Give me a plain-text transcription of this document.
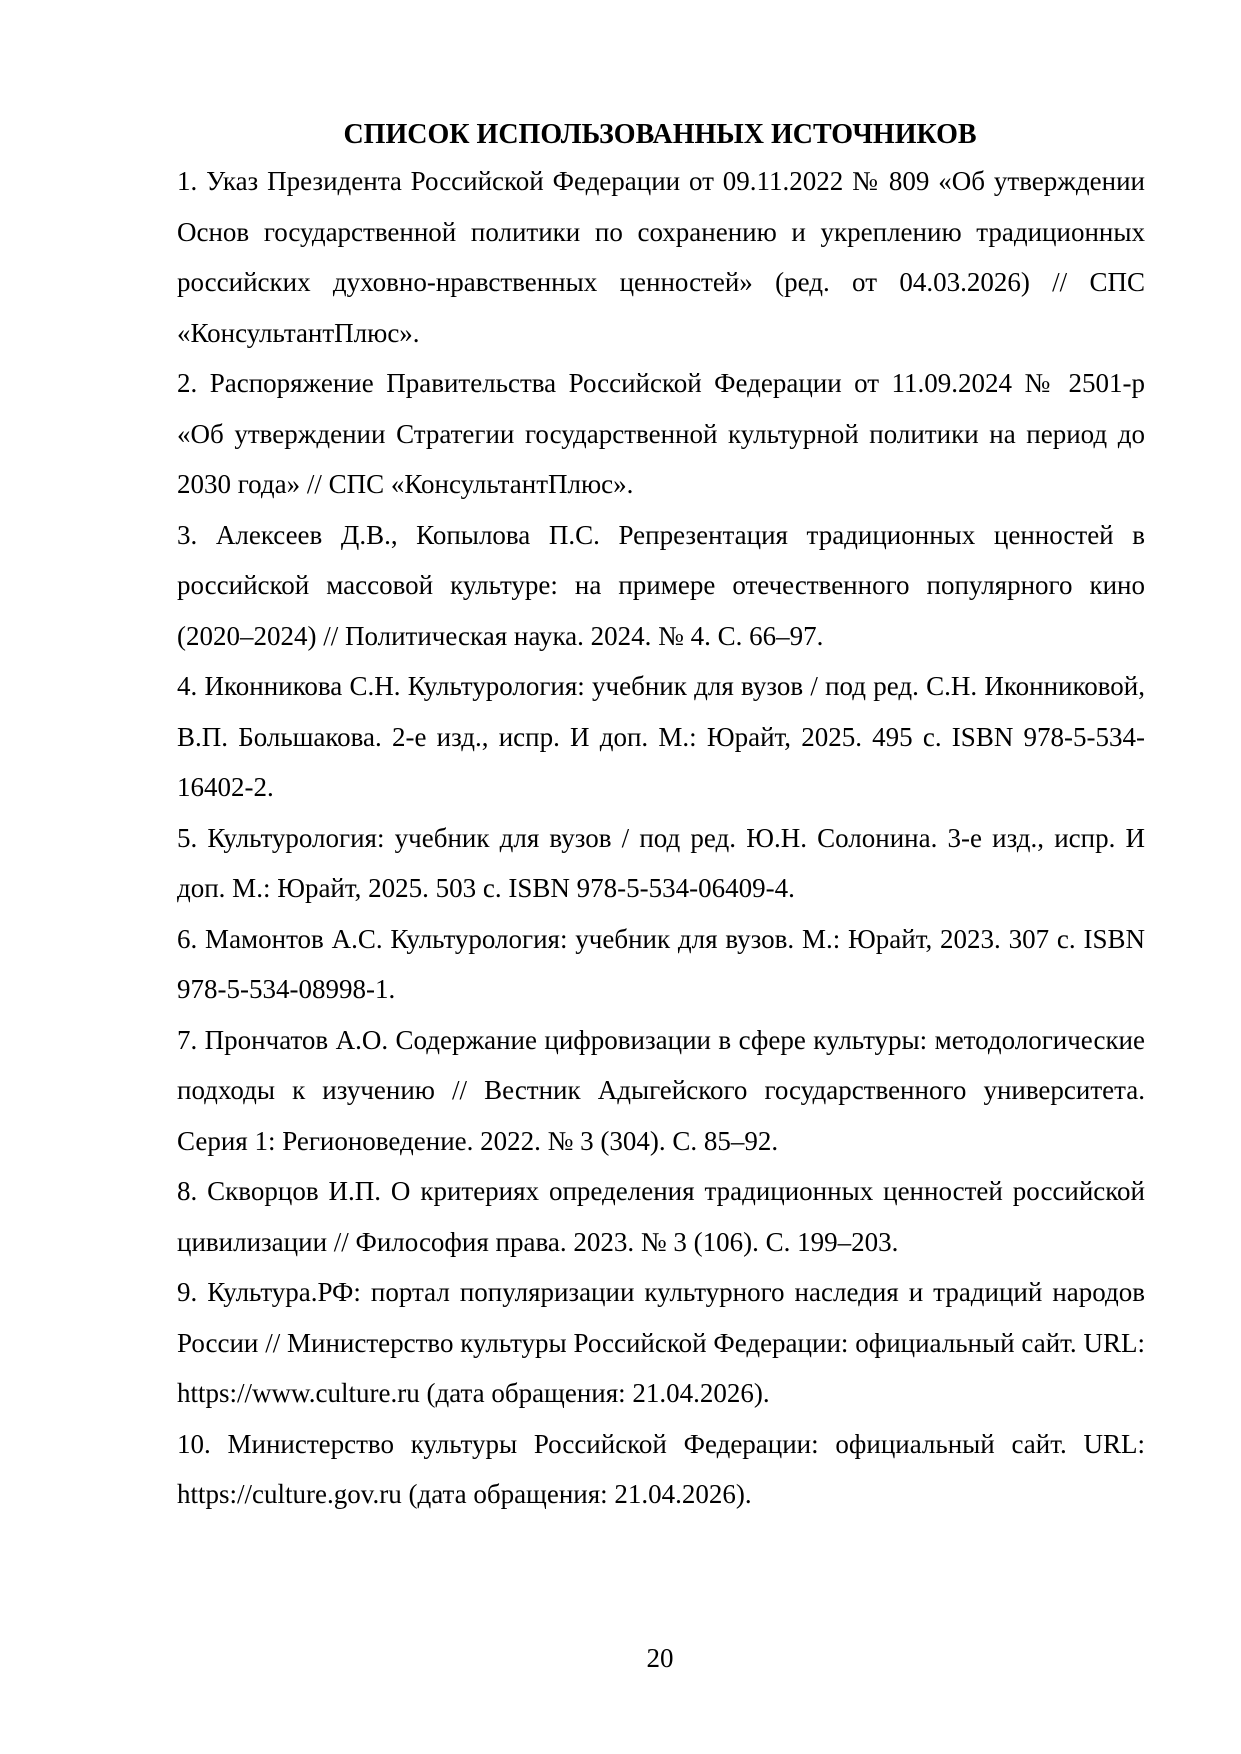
СПИСОК ИСПОЛЬЗОВАННЫХ ИСТОЧНИКОВ
1. Указ Президента Российской Федерации от 09.11.2022 № 809 «Об утверждении Основ государственной политики по сохранению и укреплению традиционных российских духовно-нравственных ценностей» (ред. от 04.03.2026) // СПС «КонсультантПлюс».
2. Распоряжение Правительства Российской Федерации от 11.09.2024 № 2501-р «Об утверждении Стратегии государственной культурной политики на период до 2030 года» // СПС «КонсультантПлюс».
3. Алексеев Д.В., Копылова П.С. Репрезентация традиционных ценностей в российской массовой культуре: на примере отечественного популярного кино (2020–2024) // Политическая наука. 2024. № 4. С. 66–97.
4. Иконникова С.Н. Культурология: учебник для вузов / под ред. С.Н. Иконниковой, В.П. Большакова. 2-е изд., испр. И доп. М.: Юрайт, 2025. 495 с. ISBN 978-5-534-16402-2.
5. Культурология: учебник для вузов / под ред. Ю.Н. Солонина. 3-е изд., испр. И доп. М.: Юрайт, 2025. 503 с. ISBN 978-5-534-06409-4.
6. Мамонтов А.С. Культурология: учебник для вузов. М.: Юрайт, 2023. 307 с. ISBN 978-5-534-08998-1.
7. Прончатов А.О. Содержание цифровизации в сфере культуры: методологические подходы к изучению // Вестник Адыгейского государственного университета. Серия 1: Регионоведение. 2022. № 3 (304). С. 85–92.
8. Скворцов И.П. О критериях определения традиционных ценностей российской цивилизации // Философия права. 2023. № 3 (106). С. 199–203.
9. Культура.РФ: портал популяризации культурного наследия и традиций народов России // Министерство культуры Российской Федерации: официальный сайт. URL: https://www.culture.ru (дата обращения: 21.04.2026).
10. Министерство культуры Российской Федерации: официальный сайт. URL: https://culture.gov.ru (дата обращения: 21.04.2026).
20
